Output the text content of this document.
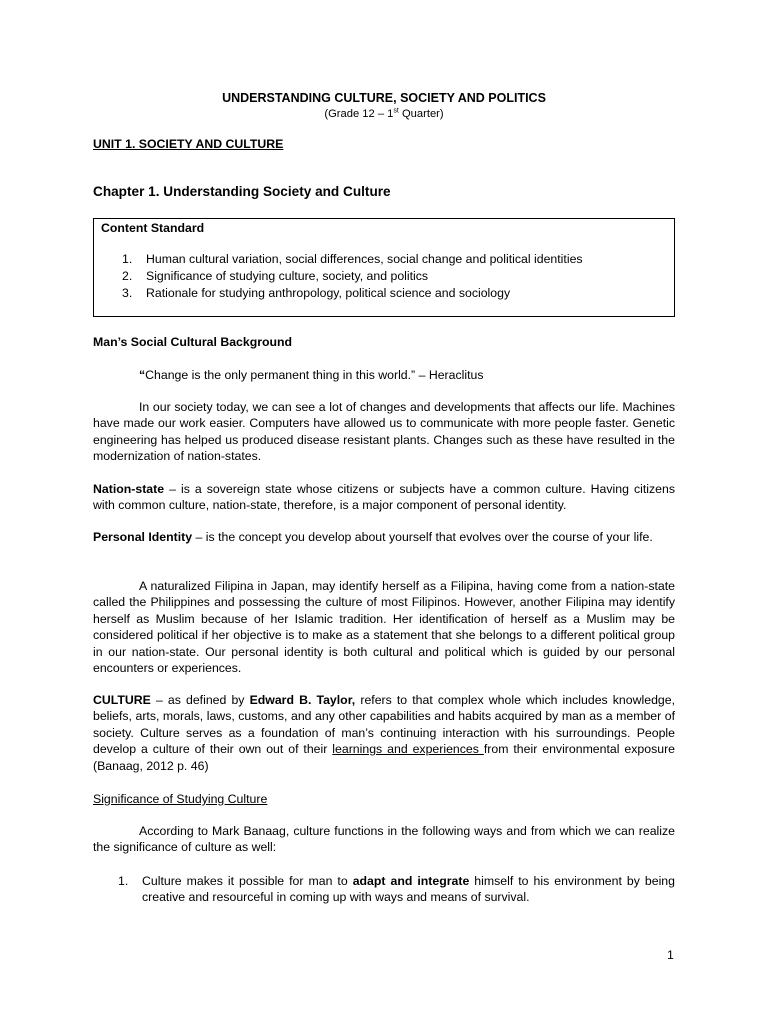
UNDERSTANDING CULTURE, SOCIETY AND POLITICS
(Grade 12 – 1st Quarter)
UNIT 1. SOCIETY AND CULTURE
Chapter 1. Understanding Society and Culture
Content Standard
1.	Human cultural variation, social differences, social change and political identities
2.	Significance of studying culture, society, and politics
3.	Rationale for studying anthropology, political science and sociology
Man’s Social Cultural Background
“Change is the only permanent thing in this world.” – Heraclitus

In our society today, we can see a lot of changes and developments that affects our life. Machines have made our work easier. Computers have allowed us to communicate with more people faster. Genetic engineering has helped us produced disease resistant plants. Changes such as these have resulted in the modernization of nation-states.

Nation-state – is a sovereign state whose citizens or subjects have a common culture. Having citizens with common culture, nation-state, therefore, is a major component of personal identity.

Personal Identity – is the concept you develop about yourself that evolves over the course of your life.

A naturalized Filipina in Japan, may identify herself as a Filipina, having come from a nation-state called the Philippines and possessing the culture of most Filipinos. However, another Filipina may identify herself as Muslim because of her Islamic tradition. Her identification of herself as a Muslim may be considered political if her objective is to make as a statement that she belongs to a different political group in our nation-state. Our personal identity is both cultural and political which is guided by our personal encounters or experiences.

CULTURE – as defined by Edward B. Taylor, refers to that complex whole which includes knowledge, beliefs, arts, morals, laws, customs, and any other capabilities and habits acquired by man as a member of society. Culture serves as a foundation of man’s continuing interaction with his surroundings. People develop a culture of their own out of their learnings and experiences from their environmental exposure (Banaag, 2012 p. 46)

Significance of Studying Culture

According to Mark Banaag, culture functions in the following ways and from which we can realize the significance of culture as well:

1. Culture makes it possible for man to adapt and integrate himself to his environment by being creative and resourceful in coming up with ways and means of survival.
1
